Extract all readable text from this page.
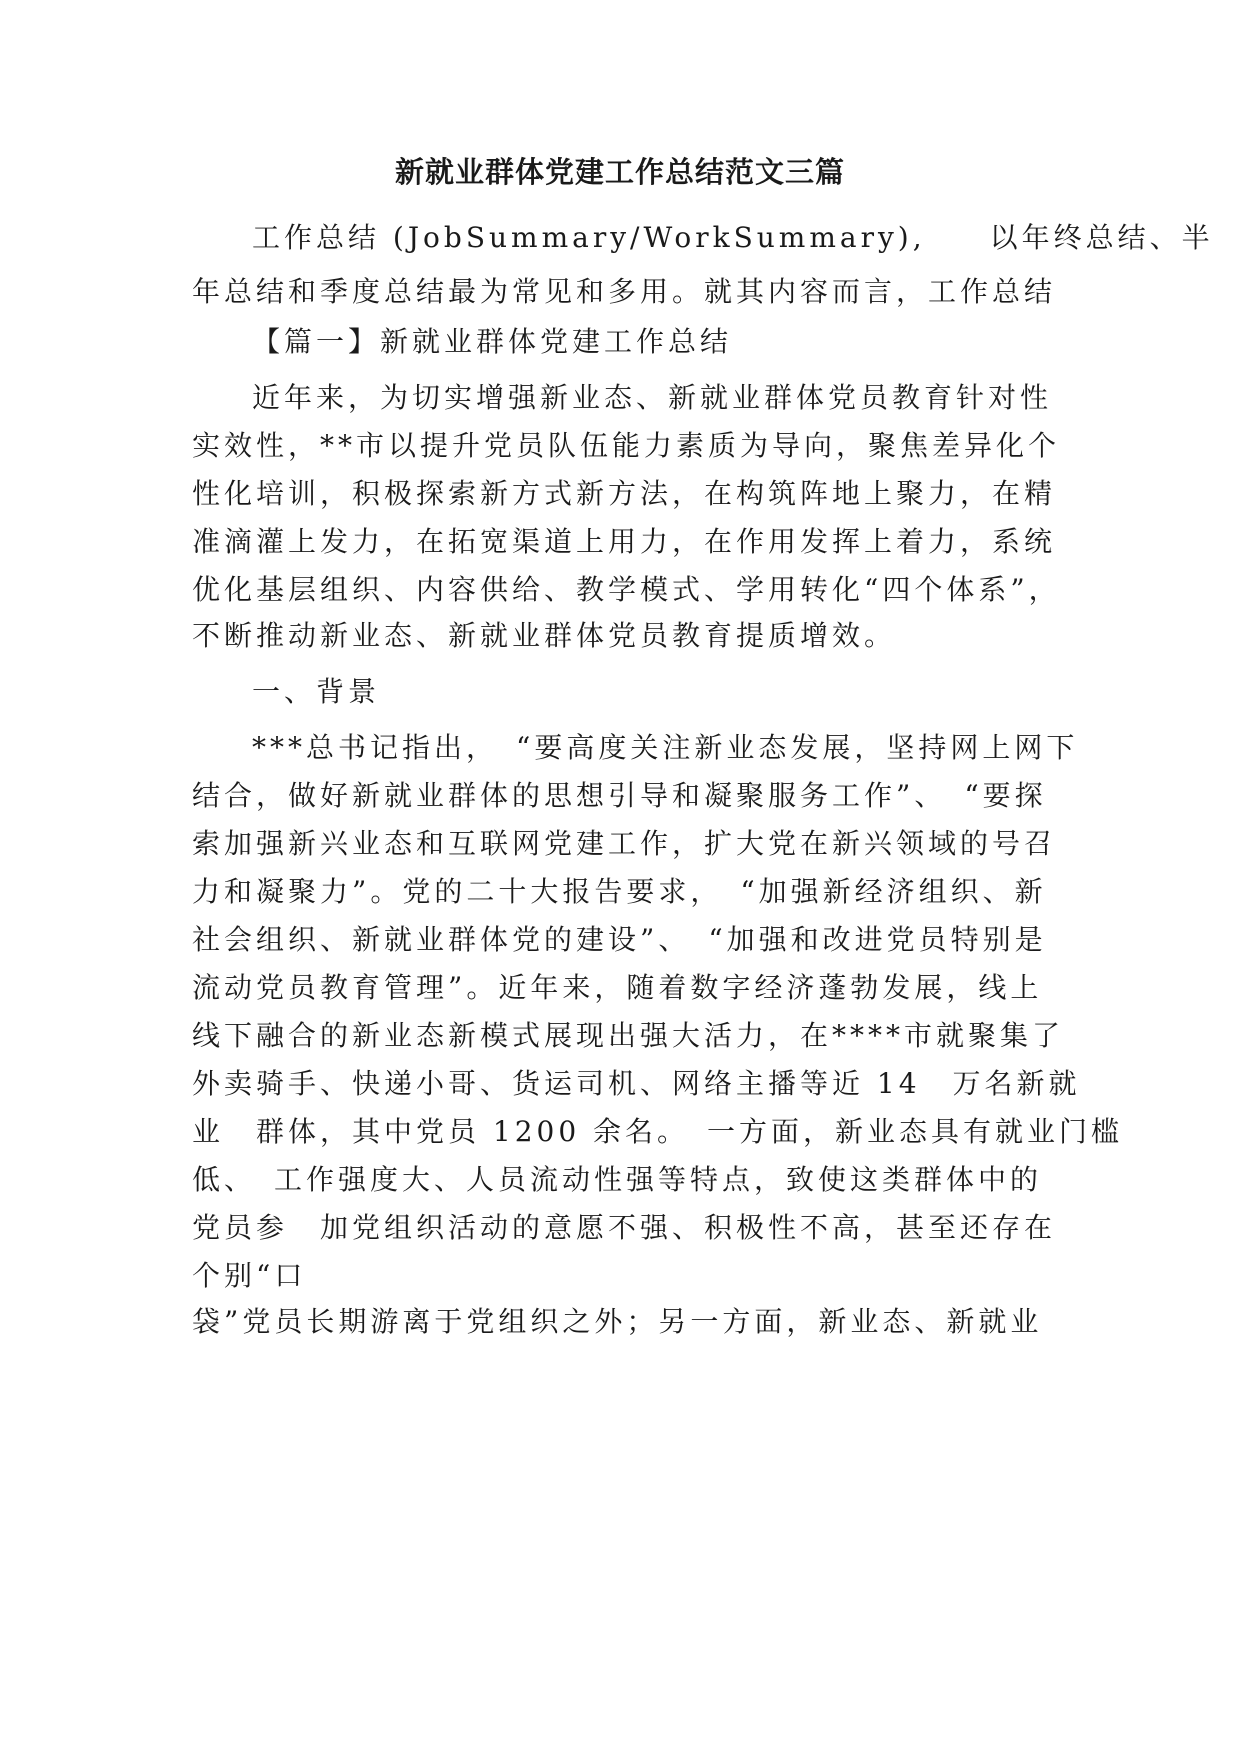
新就业群体党建工作总结范文三篇

工作总结 (JobSummary/WorkSummary),　　以年终总结、半

年总结和季度总结最为常见和多用。就其内容而言，工作总结

【篇一】新就业群体党建工作总结

近年来，为切实增强新业态、新就业群体党员教育针对性

实效性，**市以提升党员队伍能力素质为导向，聚焦差异化个

性化培训，积极探索新方式新方法，在构筑阵地上聚力，在精

准滴灌上发力，在拓宽渠道上用力，在作用发挥上着力，系统

优化基层组织、内容供给、教学模式、学用转化“四个体系”，

不断推动新业态、新就业群体党员教育提质增效。

一、背景

***总书记指出，　“要高度关注新业态发展，坚持网上网下

结合，做好新就业群体的思想引导和凝聚服务工作”、　“要探

索加强新兴业态和互联网党建工作，扩大党在新兴领域的号召

力和凝聚力”。党的二十大报告要求，　“加强新经济组织、新

社会组织、新就业群体党的建设”、　“加强和改进党员特别是

流动党员教育管理”。近年来，随着数字经济蓬勃发展，线上

线下融合的新业态新模式展现出强大活力，在****市就聚集了

外卖骑手、快递小哥、货运司机、网络主播等近 14　万名新就

业　群体，其中党员 1200 余名。　一方面，新业态具有就业门槛

低、　工作强度大、人员流动性强等特点，致使这类群体中的

党员参　加党组织活动的意愿不强、积极性不高，甚至还存在

个别“口

袋”党员长期游离于党组织之外；另一方面，新业态、新就业
